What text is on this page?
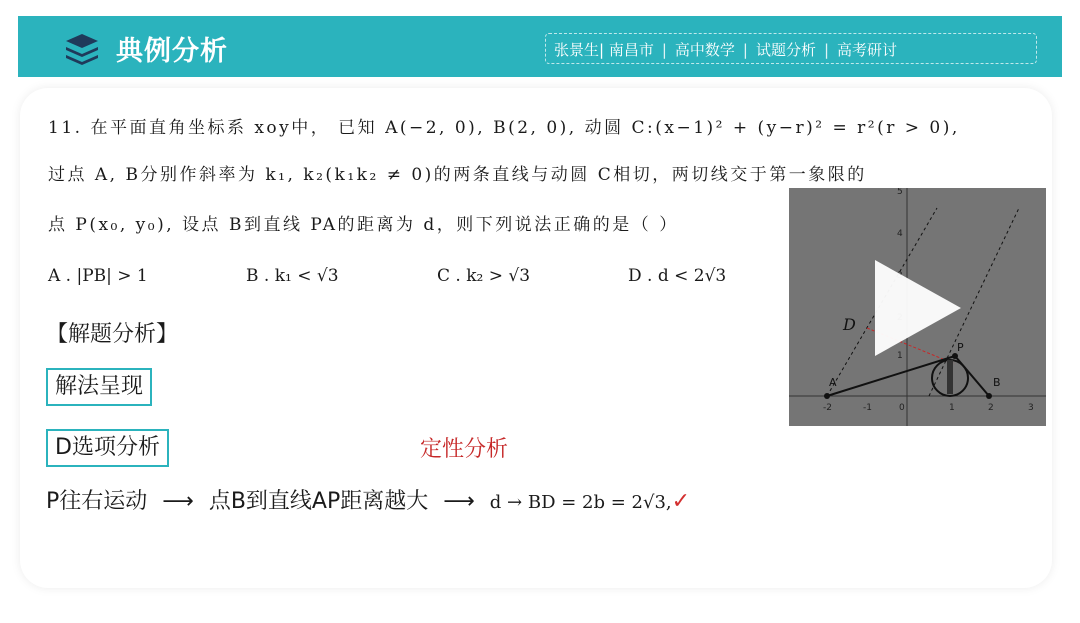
典例分析	张景生| 南昌市 | 高中数学 | 试题分析 | 高考研讨
11. 在平面直角坐标系 xoy中， 已知 A(−2, 0), B(2, 0), 动圆 C:(x−1)² + (y−r)² = r²(r > 0),
过点 A, B分别作斜率为 k₁, k₂(k₁k₂ ≠ 0)的两条直线与动圆 C相切，两切线交于第一象限的
点 P(x₀, y₀), 设点 B到直线 PA的距离为 d，则下列说法正确的是（ ）
A . |PB| > 1	B . k₁ < √3	C . k₂ > √3	D . d < 2√3
【解题分析】
解法呈现
D选项分析	定性分析
P往右运动 ⟶ 点B到直线AP距离越大 ⟶ d → BD = 2b = 2√3,✓
-2	-1	0	1	2	3
5
4
1
D
A	B
P
